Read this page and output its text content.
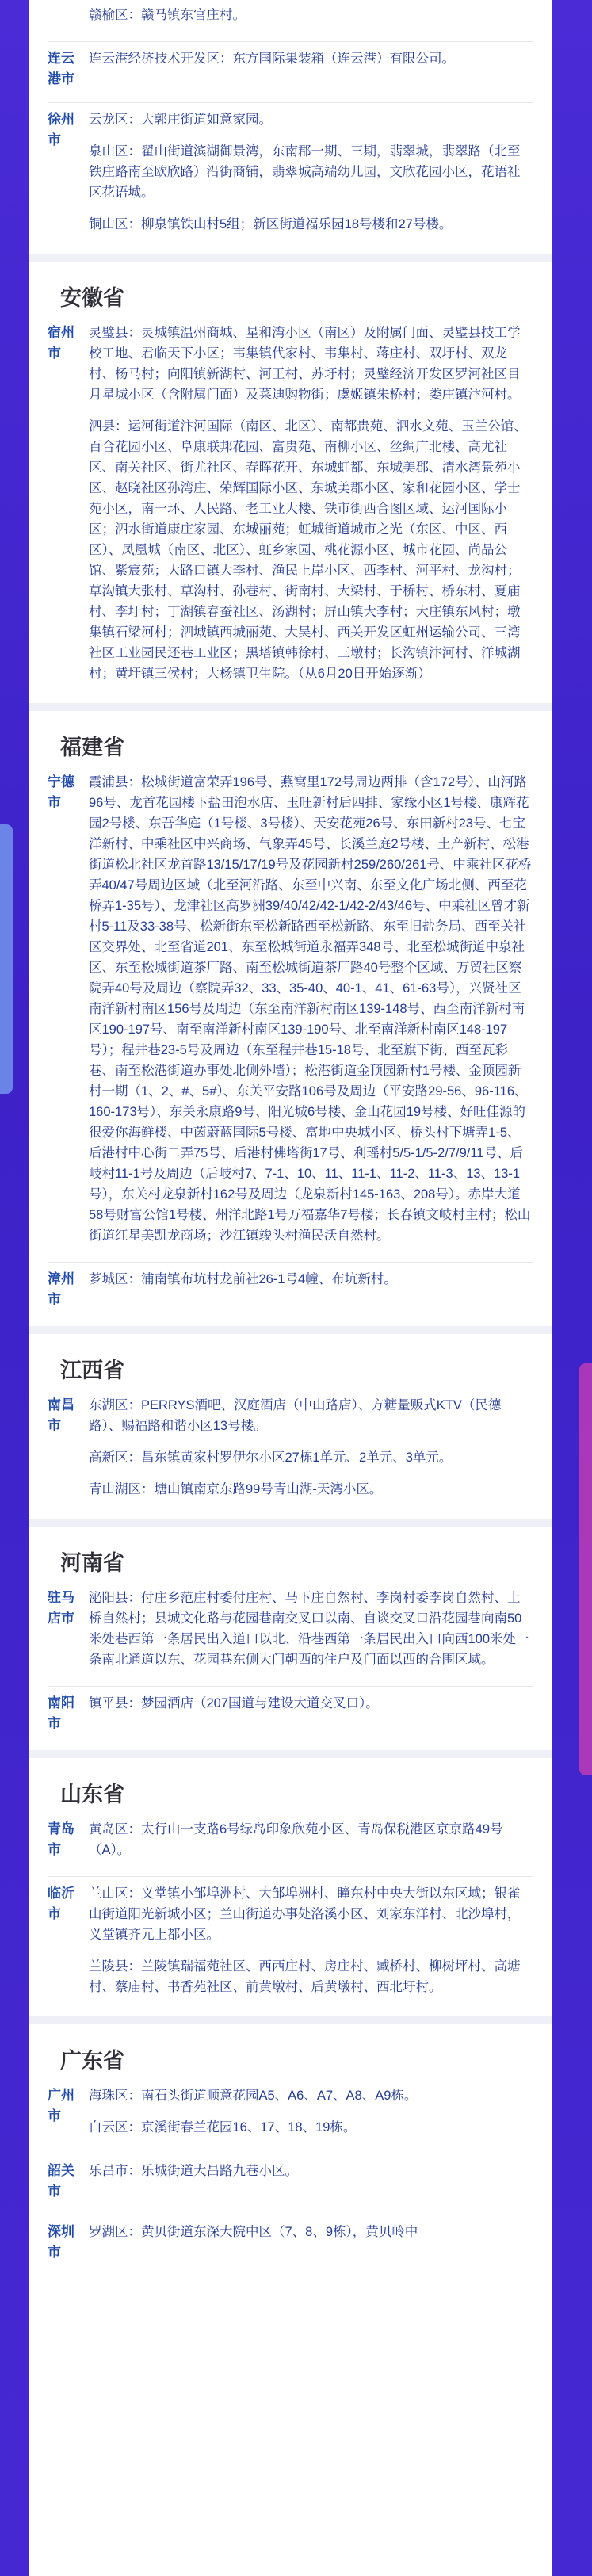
赣榆区：赣马镇东官庄村。

连云港市

连云港经济技术开发区：东方国际集装箱（连云港）有限公司。

徐州市

云龙区：大郭庄街道如意家园。

泉山区：翟山街道滨湖御景湾，东南郡一期、三期，翡翠城，翡翠路（北至铁庄路南至欧欣路）沿街商铺，翡翠城高端幼儿园，文欣花园小区，花语社区花语城。

铜山区：柳泉镇铁山村5组；新区街道福乐园18号楼和27号楼。

安徽省
宿州市

灵璧县：灵城镇温州商城、星和湾小区（南区）及附属门面、灵璧县技工学校工地、君临天下小区；韦集镇代家村、韦集村、蒋庄村、双圩村、双龙村、杨马村；向阳镇新湖村、河王村、苏圩村；灵璧经济开发区罗河社区目月星城小区（含附属门面）及菜迪购物街；虞姬镇朱桥村；娄庄镇汴河村。

泗县：运河街道汴河国际（南区、北区）、南都贵苑、泗水文苑、玉兰公馆、百合花园小区、阜康联邦花园、富贵苑、南柳小区、丝绸广北楼、高尤社区、南关社区、街尤社区、春晖花开、东城虹都、东城美郡、清水湾景苑小区、赵晓社区孙湾庄、荣辉国际小区、东城美郡小区、家和花园小区、学士苑小区，南一环、人民路、老工业大楼、铁市街西合图区域、运河国际小区；泗水街道康庄家园、东城丽苑；虹城街道城市之光（东区、中区、西区）、凤凰城（南区、北区）、虹乡家园、桃花源小区、城市花园、尚品公馆、紫宸苑；大路口镇大李村、渔民上岸小区、西李村、河平村、龙沟村；草沟镇大张村、草沟村、孙巷村、街南村、大梁村、于桥村、桥东村、夏庙村、李圩村；丁湖镇春蚕社区、汤湖村；屏山镇大李村；大庄镇东风村；墩集镇石梁河村；泗城镇西城丽苑、大吴村、西关开发区虹州运输公司、三湾社区工业园民还巷工业区；黑塔镇韩徐村、三墩村；长沟镇汴河村、洋城湖村；黄圩镇三侯村；大杨镇卫生院。（从6月20日开始逐渐）

福建省
宁德市

霞浦县：松城街道富荣弄196号、燕窝里172号周边两排（含172号）、山河路96号、龙首花园楼下盐田泡水店、玉旺新村后四排、家缘小区1号楼、康辉花园2号楼、东吾华庭（1号楼、3号楼）、天安花苑26号、东田新村23号、七宝洋新村、中乘社区中兴商场、气象弄45号、长溪兰庭2号楼、土产新村、松港街道松北社区龙首路13/15/17/19号及花园新村259/260/261号、中乘社区花桥弄40/47号周边区域（北至河沿路、东至中兴南、东至文化广场北侧、西至花桥弄1-35号）、龙津社区高罗洲39/40/42/42-1/42-2/43/46号、中乘社区曾才新村5-11及33-38号、松新街东至松新路西至松新路、东至旧盐务局、西至关社区交界处、北至省道201、东至松城街道永福弄348号、北至松城街道中泉社区、东至松城街道茶厂路、南至松城街道茶厂路40号整个区域、万贸社区察院弄40号及周边（察院弄32、33、35-40、40-1、41、61-63号），兴贤社区南洋新村南区156号及周边（东至南洋新村南区139-148号、西至南洋新村南区190-197号、南至南洋新村南区139-190号、北至南洋新村南区148-197号）；程井巷23-5号及周边（东至程井巷15-18号、北至旗下街、西至瓦彩巷、南至松港街道办事处北侧外墙）；松港街道金顶园新村1号楼、金顶园新村一期（1、2、#、5#）、东关平安路106号及周边（平安路29-56、96-116、160-173号）、东关永康路9号、阳光城6号楼、金山花园19号楼、好旺佳源的很爱你海鲜楼、中茵蔚蓝国际5号楼、富地中央城小区、桥头村下塘弄1-5、后港村中心街二弄75号、后港村佛塔街17号、利瑶村5/5-1/5-2/7/9/11号、后岐村11-1号及周边（后岐村7、7-1、10、11、11-1、11-2、11-3、13、13-1号），东关村龙泉新村162号及周边（龙泉新村145-163、208号）。赤岸大道58号财富公馆1号楼、州洋北路1号万福嘉华7号楼；长春镇文岐村主村；松山街道红星美凯龙商场；沙江镇竣头村渔民沃自然村。

漳州市

芗城区：浦南镇布坑村龙前社26-1号4幢、布坑新村。

江西省
南昌市

东湖区：PERRYS酒吧、汉庭酒店（中山路店）、方糖量贩式KTV（民德路）、赐福路和谐小区13号楼。

高新区：昌东镇黄家村罗伊尔小区27栋1单元、2单元、3单元。

青山湖区：塘山镇南京东路99号青山湖-天湾小区。

河南省
驻马店市

泌阳县：付庄乡范庄村委付庄村、马下庄自然村、李岗村委李岗自然村、土桥自然村；县城文化路与花园巷南交叉口以南、自谈交叉口沿花园巷向南50米处巷西第一条居民出入道口以北、沿巷西第一条居民出入口向西100米处一条南北通道以东、花园巷东侧大门朝西的住户及门面以西的合围区域。

南阳市

镇平县：梦园酒店（207国道与建设大道交叉口）。

山东省
青岛市

黄岛区：太行山一支路6号绿岛印象欣苑小区、青岛保税港区京京路49号（A）。

临沂市

兰山区：义堂镇小邹埠洲村、大邹埠洲村、瞳东村中央大街以东区域；银雀山街道阳光新城小区；兰山街道办事处洛溪小区、刘家东洋村、北沙埠村，义堂镇齐元上都小区。

兰陵县：兰陵镇瑞福苑社区、西西庄村、房庄村、臧桥村、柳树坪村、高塘村、蔡庙村、书香苑社区、前黄墩村、后黄墩村、西北圩村。

广东省
广州市

海珠区：南石头街道顺意花园A5、A6、A7、A8、A9栋。

白云区：京溪街春兰花园16、17、18、19栋。

韶关市

乐昌市：乐城街道大昌路九巷小区。

深圳市

罗湖区：黄贝街道东深大院中区（7、8、9栋），黄贝岭中
